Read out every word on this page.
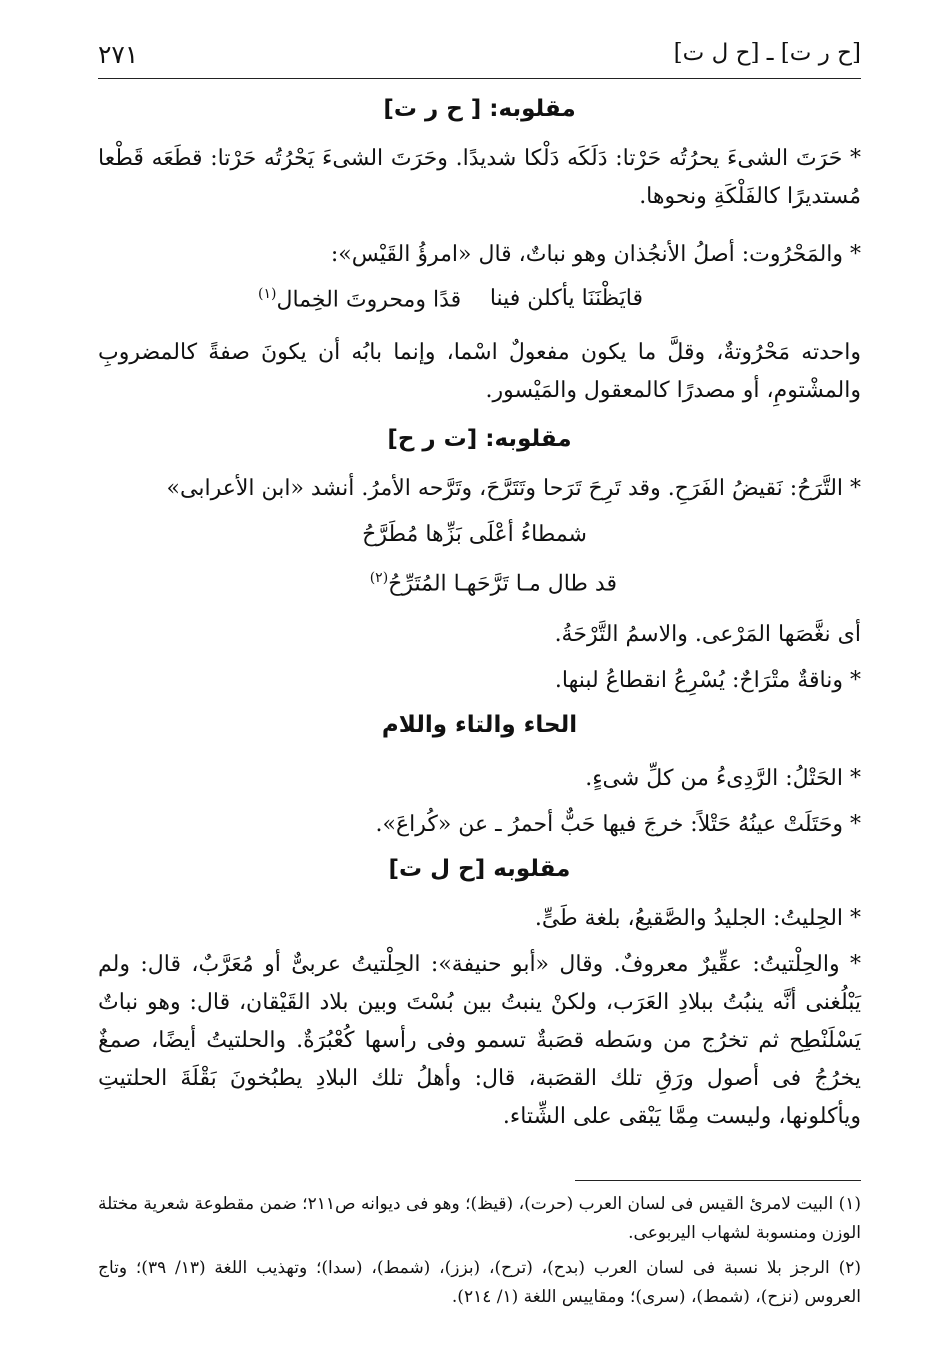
٢٧١	[ح ر ت] ـ [ح ل ت]
مقلوبه: [ ح ر ت]
* حَرَتَ الشىءَ يحرُتُه حَرْتا: دَلَكَه دَلْكا شديدًا. وحَرَتَ الشىءَ يَحْرُتُه حَرْتا: قطَعَه قَطْعا مُستديرًا كالفَلْكَةِ ونحوها.
* والمَحْرُوت: أصلُ الأنجُذان وهو نباتٌ، قال «امرؤُ القَيْس»:
قايَظْنَنَا يأكلن فينا
قدًا ومحروتَ الخِمال$^{(١)}$
واحدته مَحْرُوتةٌ، وقلَّ ما يكون مفعولٌ اسْما، وإنما بابُه أن يكونَ صفةً كالمضروبِ والمشْتومِ، أو مصدرًا كالمعقول والمَيْسور.
مقلوبه: [ت ر ح]
* التَّرَحُ: نَقيضُ الفَرَحِ. وقد تَرِحَ تَرَحا وتَتَرَّحَ، وتَرَّحه الأمرُ. أنشد «ابن الأعرابى»
شمطاءُ أعْلَى بَزِّها مُطَرَّحُ
قد طال مـا تَرَّحَهـا المُتَرِّحُ$^{(٢)}$
أى نغَّصَها المَرْعى. والاسمُ التَّرْحَةُ.
* وناقةٌ متْرَاحٌ: يُسْرِعُ انقطاعُ لبنها.
الحاء والتاء واللام
* الحَتْلُ: الرَّدِىءُ من كلِّ شىءٍ.
* وحَتَلَتْ عينُهُ حَتْلاً: خرجَ فيها حَبٌّ أحمرُ ـ عن «كُراعَ».
مقلوبه [ح ل ت]
* الحِليتُ: الجليدُ والصَّقيعُ، بلغة طَىٍّ.
* والحِلْتيتُ: عقِّيرٌ معروفٌ. وقال «أبو حنيفة»: الحِلْتيتُ عربىٌّ أو مُعَرَّبٌ، قال: ولم يَبْلُغنى أنَّه ينبُتُ ببلادِ العَرَب، ولكنْ ينبتُ بين بُسْتَ وبين بلاد القَيْقان، قال: وهو نباتٌ يَسْلَنْطِح ثم تخرُج من وسَطه قصَبةٌ تسمو وفى رأسها كُعْبُرَةٌ. والحلتيتُ أيضًا، صمغٌ يخرُجُ فى أصول ورَقِ تلك القصَبة، قال: وأهلُ تلك البلادِ يطبُخونَ بَقْلَةَ الحلتيتِ ويأكلونها، وليست مِمَّا يَبْقى على الشِّتاء.
(١) البيت لامرئ القيس فى لسان العرب (حرت)، (قيظ)؛ وهو فى ديوانه ص٢١١؛ ضمن مقطوعة شعرية مختلة الوزن ومنسوبة لشهاب اليربوعى.
(٢) الرجز بلا نسبة فى لسان العرب (بدح)، (ترح)، (بزز)، (شمط)، (سدا)؛ وتهذيب اللغة (١٣/ ٣٩)؛ وتاج العروس (نزح)، (شمط)، (سرى)؛ ومقاييس اللغة (١/ ٢١٤).
